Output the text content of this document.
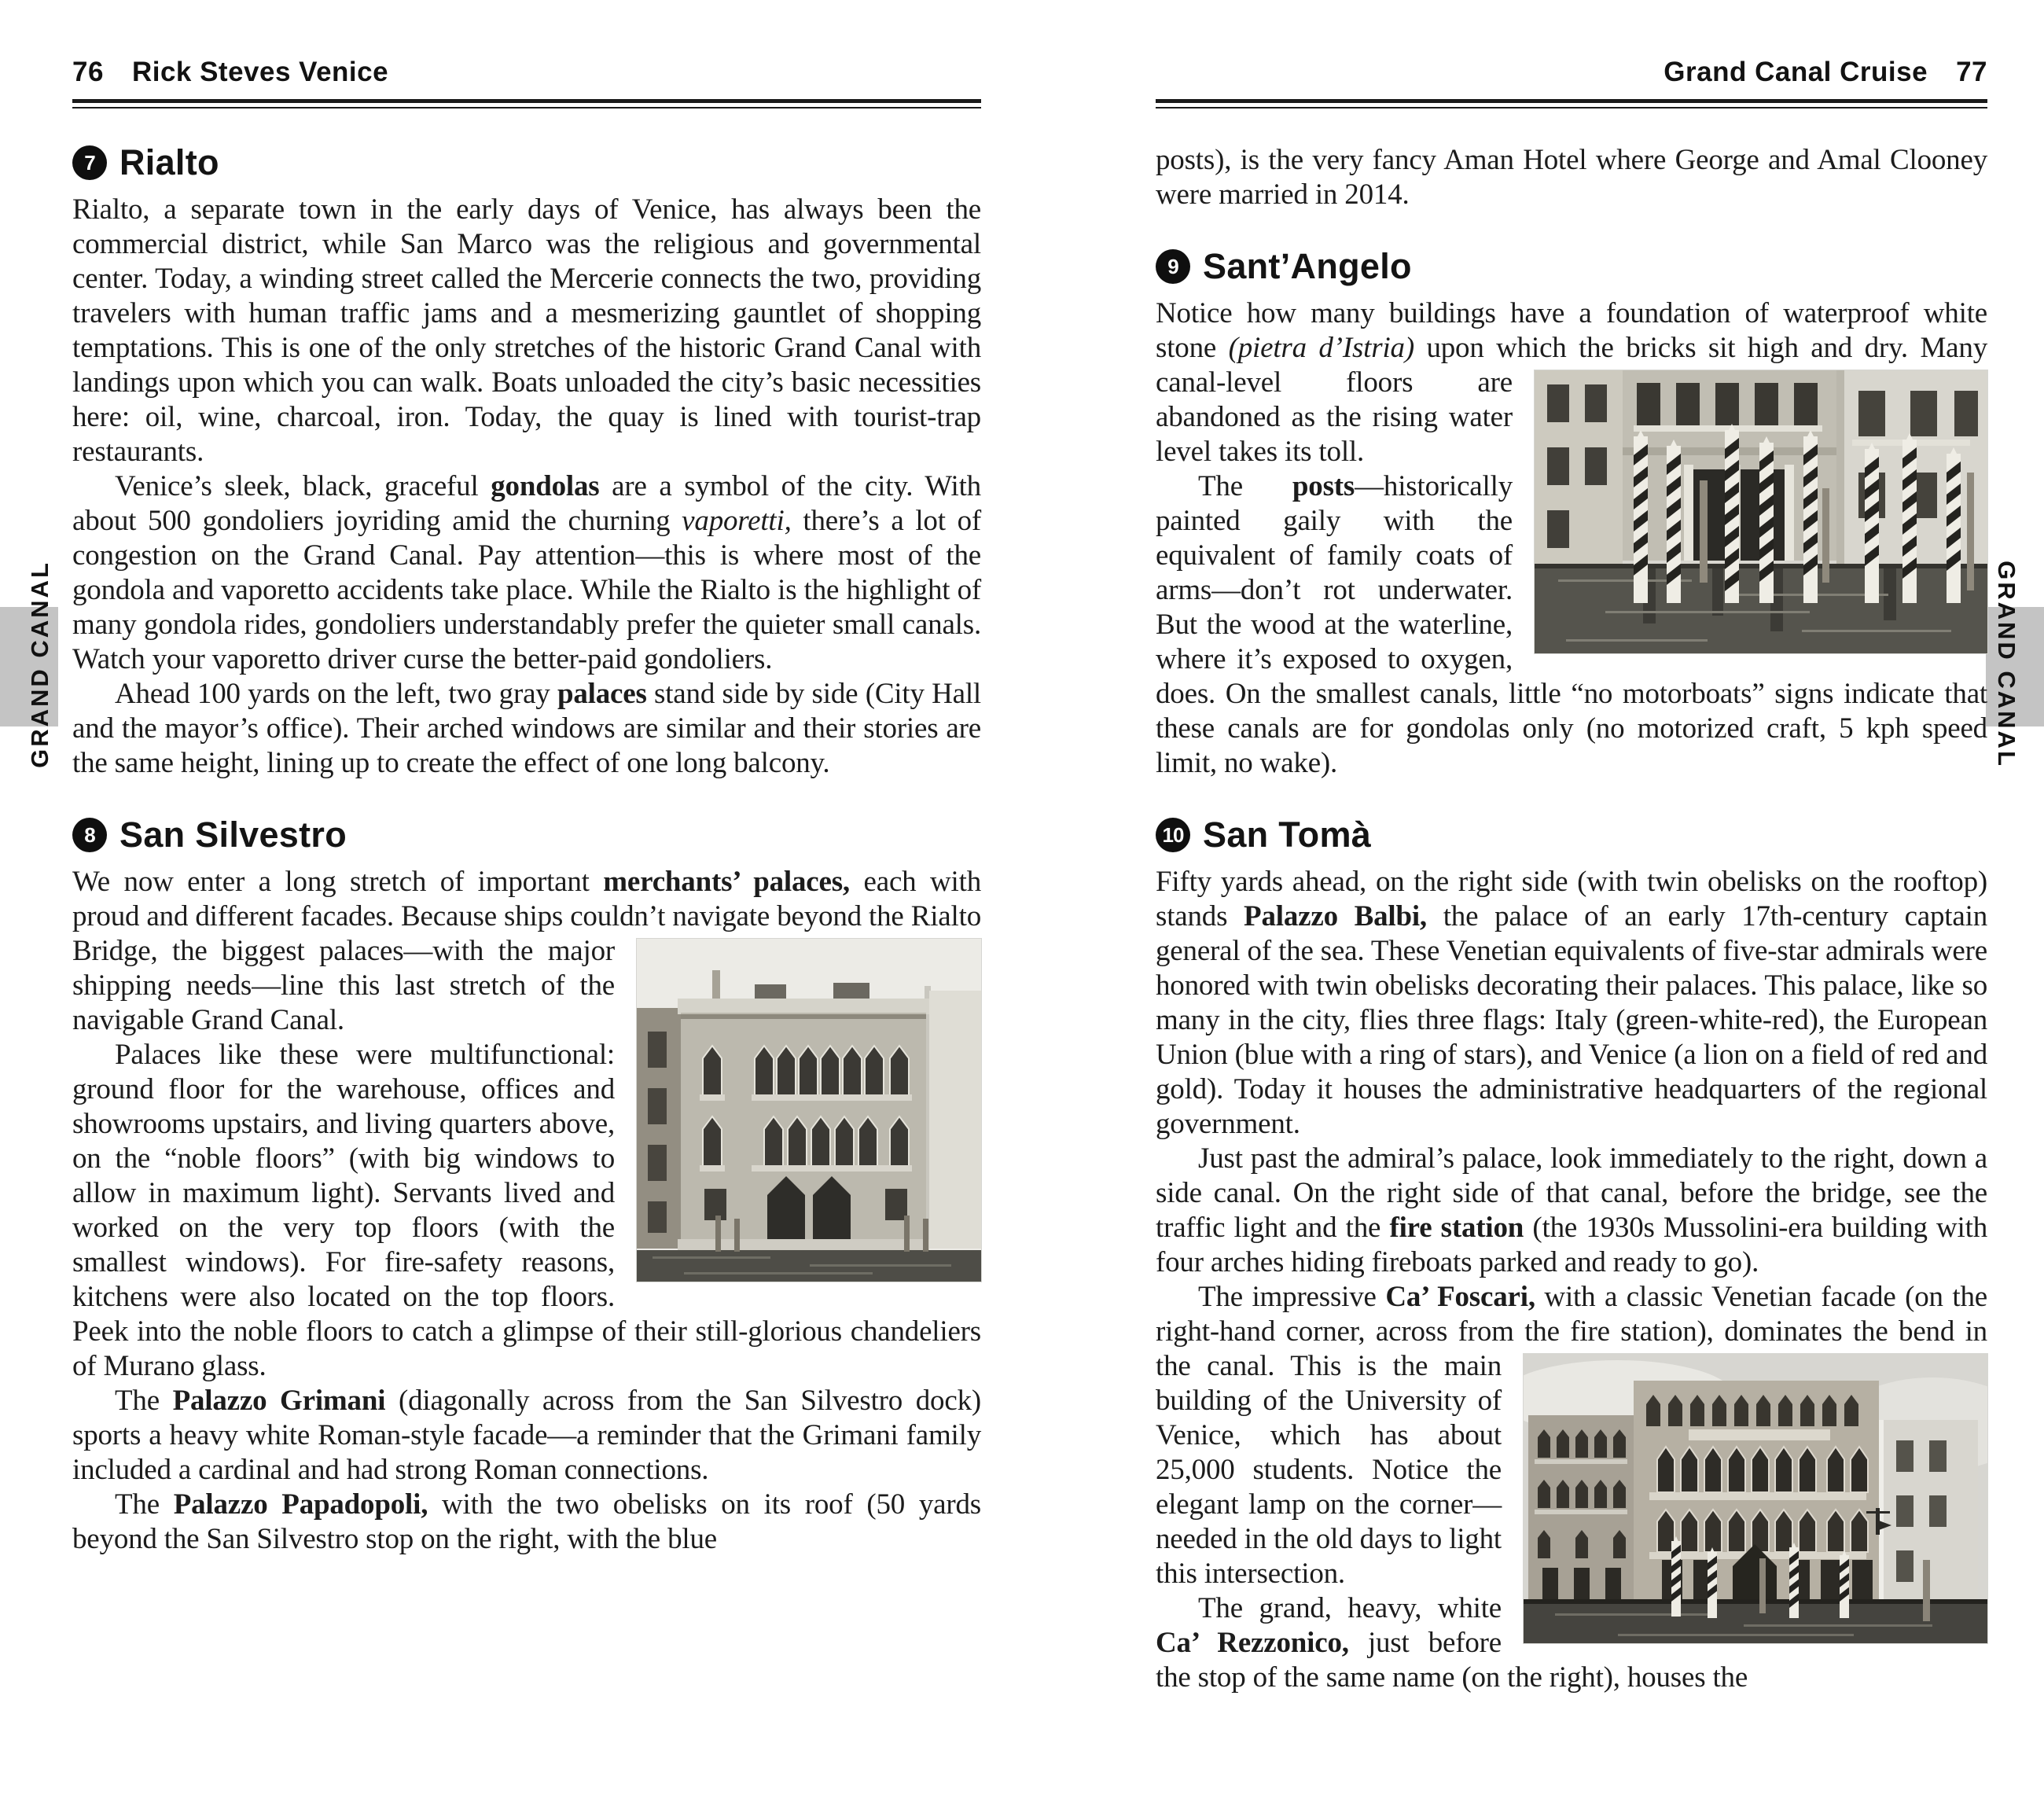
GRAND CANAL	GRAND CANAL
76 Rick Steves Venice
7 Rialto

Rialto, a separate town in the early days of Venice, has always been the commercial district, while San Marco was the religious and governmental center. Today, a winding street called the Mercerie connects the two, providing travelers with human traffic jams and a mesmerizing gauntlet of shopping temptations. This is one of the only stretches of the historic Grand Canal with landings upon which you can walk. Boats unloaded the city’s basic necessities here: oil, wine, charcoal, iron. Today, the quay is lined with tourist-trap restaurants.

Venice’s sleek, black, graceful gondolas are a symbol of the city. With about 500 gondoliers joyriding amid the churning vaporetti, there’s a lot of congestion on the Grand Canal. Pay attention—this is where most of the gondola and vaporetto accidents take place. While the Rialto is the highlight of many gondola rides, gondoliers understandably prefer the quieter small canals. Watch your vaporetto driver curse the better-paid gondoliers.

Ahead 100 yards on the left, two gray palaces stand side by side (City Hall and the mayor’s office). Their arched windows are similar and their stories are the same height, lining up to create the effect of one long balcony.

8 San Silvestro

We now enter a long stretch of important merchants’ palaces, each with proud and different facades. Because ships couldn’t navigate
beyond the Rialto Bridge, the biggest palaces—with the major shipping needs—line this last stretch of the navigable Grand Canal.

Palaces like these were multifunctional: ground floor for the warehouse, offices and showrooms upstairs, and living quarters above, on the “noble floors” (with big windows to allow in maximum light). Servants lived and worked on the very top floors (with the smallest windows). For fire-safety reasons, kitchens were also located on the top floors. Peek into the noble floors to catch a glimpse of their still-glorious chandeliers of Murano glass.

The Palazzo Grimani (diagonally across from the San Silvestro dock) sports a heavy white Roman-style facade—a reminder that the Grimani family included a cardinal and had strong Roman connections.

The Palazzo Papadopoli, with the two obelisks on its roof (50 yards beyond the San Silvestro stop on the right, with the blue

Grand Canal Cruise 77

posts), is the very fancy Aman Hotel where George and Amal Clooney were married in 2014.

9 Sant’Angelo

Notice how many buildings have a foundation of waterproof white stone (pietra d’Istria) upon which the bricks sit high and dry. Many
canal-level floors are abandoned as the rising water level takes its toll.

The posts—historically painted gaily with the equivalent of family coats of arms—don’t rot underwater. But the wood at the waterline, where it’s exposed to oxygen, does. On the smallest canals, little “no motorboats” signs indicate that these canals are for gondolas only (no motorized craft, 5 kph speed limit, no wake).

10 San Tomà

Fifty yards ahead, on the right side (with twin obelisks on the rooftop) stands Palazzo Balbi, the palace of an early 17th-century captain general of the sea. These Venetian equivalents of five-star admirals were honored with twin obelisks decorating their palaces. This palace, like so many in the city, flies three flags: Italy (green-white-red), the European Union (blue with a ring of stars), and Venice (a lion on a field of red and gold). Today it houses the administrative headquarters of the regional government.

Just past the admiral’s palace, look immediately to the right, down a side canal. On the right side of that canal, before the bridge, see the traffic light and the fire station (the 1930s Mussolini-era building with four arches hiding fireboats parked and ready to go).

The impressive Ca’ Foscari, with a classic Venetian facade (on the right-hand corner, across from the fire station), dominates
the bend in the canal. This is the main building of the University of Venice, which has about 25,000 students. Notice the elegant lamp on the corner—needed in the old days to light this intersection.

The grand, heavy, white Ca’ Rezzonico, just before the stop of the same name (on the right), houses the
